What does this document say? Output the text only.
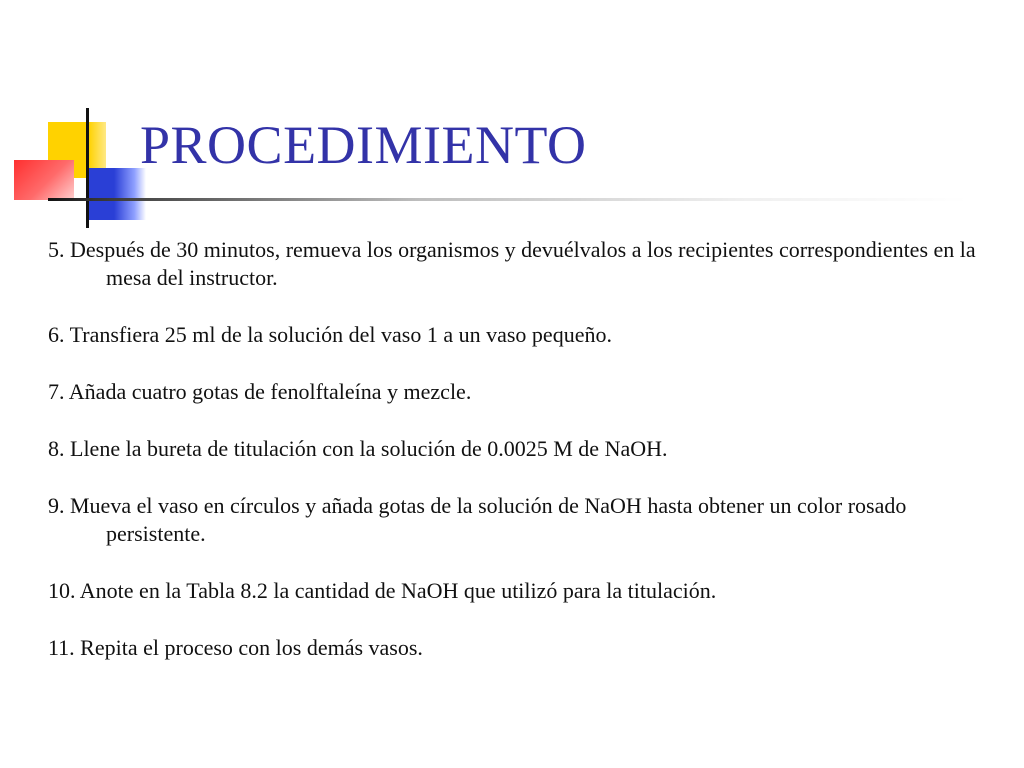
PROCEDIMIENTO
5. Después de 30 minutos, remueva los organismos y devuélvalos a los recipientes correspondientes en la mesa del instructor.
6. Transfiera 25 ml de la solución del vaso 1 a un vaso pequeño.
7. Añada cuatro gotas de fenolftaleína y mezcle.
8. Llene la bureta de titulación con la solución de 0.0025 M de NaOH.
9. Mueva el vaso en círculos y añada gotas de la solución de NaOH hasta obtener un color rosado persistente.
10. Anote en la Tabla 8.2 la cantidad de NaOH que utilizó para la titulación.
11. Repita el proceso con los demás vasos.
